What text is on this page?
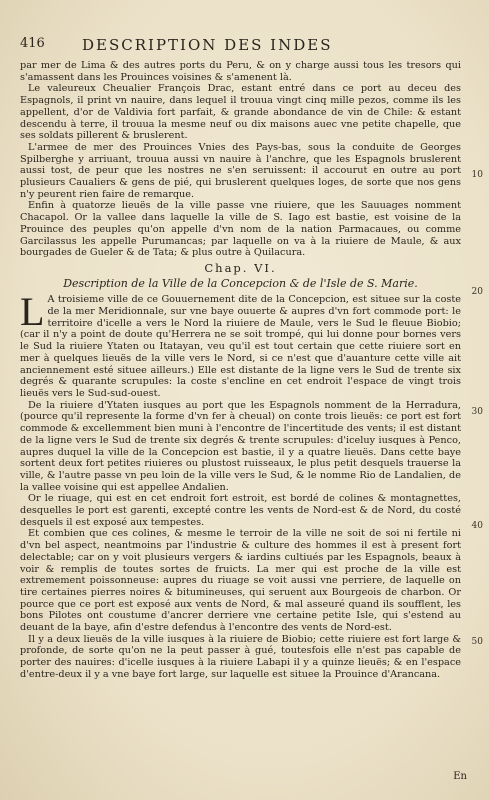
416 DESCRIPTION DES INDES

par mer de Lima & des autres ports du Peru, & on y charge aussi tous les tresors qui s'amassent dans les Prouinces voisines & s'amenent là.

Le valeureux Cheualier François Drac, estant entré dans ce port au deceu des Espagnols, il print vn nauire, dans lequel il trouua vingt cinq mille pezos, comme ils les appellent, d'or de Valdivia fort parfait, & grande abondance de vin de Chile: & estant descendu à terre, il trouua la mesme neuf ou dix maisons auec vne petite chapelle, que ses soldats pillerent & bruslerent.

L'armee de mer des Prouinces Vnies des Pays-bas, sous la conduite de Georges Spilberghe y arriuant, trouua aussi vn nauire à l'anchre, que les Espagnols bruslerent aussi tost, de peur que les nostres ne s'en seruissent: il accourut en outre au port plusieurs Caualiers & gens de pié, qui bruslerent quelques loges, de sorte que nos gens n'y peurent rien faire de remarque.

Enfin à quatorze lieuës de la ville passe vne riuiere, que les Sauuages nomment Chacapol. Or la vallee dans laquelle la ville de S. Iago est bastie, est voisine de la Prouince des peuples qu'on appelle d'vn nom de la nation Parmacaues, ou comme Garcilassus les appelle Purumancas; par laquelle on va à la riuiere de Maule, & aux bourgades de Gueler & de Tata; & plus outre à Quilacura.

Chap. VI.
Description de la Ville de la Concepcion & de l'Isle de S. Marie.

L A troisieme ville de ce Gouuernement dite de la Concepcion, est situee sur la coste de la mer Meridionnale, sur vne baye ouuerte & aupres d'vn fort commode port: le territoire d'icelle a vers le Nord la riuiere de Maule, vers le Sud le fleuue Biobio; (car il n'y a point de doute qu'Herrera ne se soit trompé, qui lui donne pour bornes vers le Sud la riuiere Ytaten ou Itatayan, veu qu'il est tout certain que cette riuiere sort en mer à quelques lieuës de la ville vers le Nord, si ce n'est que d'auanture cette ville ait anciennement esté situee ailleurs.) Elle est distante de la ligne vers le Sud de trente six degrés & quarante scrupules: la coste s'encline en cet endroit l'espace de vingt trois lieuës vers le Sud-sud-ouest.

De la riuiere d'Ytaten iusques au port que les Espagnols nomment de la Herradura, (pource qu'il represente la forme d'vn fer à cheual) on conte trois lieuës: ce port est fort commode & excellemment bien muni à l'encontre de l'incertitude des vents; il est distant de la ligne vers le Sud de trente six degrés & trente scrupules: d'iceluy iusques à Penco, aupres duquel la ville de la Concepcion est bastie, il y a quatre lieuës. Dans cette baye sortent deux fort petites riuieres ou plustost ruisseaux, le plus petit desquels trauerse la ville, & l'autre passe vn peu loin de la ville vers le Sud, & le nomme Rio de Landalien, de la vallee voisine qui est appellee Andalien.

Or le riuage, qui est en cet endroit fort estroit, est bordé de colines & montagnettes, desquelles le port est garenti, excepté contre les vents de Nord-est & de Nord, du costé desquels il est exposé aux tempestes.

Et combien que ces colines, & mesme le terroir de la ville ne soit de soi ni fertile ni d'vn bel aspect, neantmoins par l'industrie & culture des hommes il est à present fort delectable; car on y voit plusieurs vergers & iardins cultiués par les Espagnols, beaux à voir & remplis de toutes sortes de fruicts. La mer qui est proche de la ville est extremement poissonneuse: aupres du riuage se voit aussi vne perriere, de laquelle on tire certaines pierres noires & bitumineuses, qui seruent aux Bourgeois de charbon. Or pource que ce port est exposé aux vents de Nord, & mal asseuré quand ils soufflent, les bons Pilotes ont coustume d'ancrer derriere vne certaine petite Isle, qui s'estend au deuant de la baye, afin d'estre defendus à l'encontre des vents de Nord-est.

Il y a deux lieuës de la ville iusques à la riuiere de Biobio; cette riuiere est fort large & profonde, de sorte qu'on ne la peut passer à gué, toutesfois elle n'est pas capable de porter des nauires: d'icelle iusques à la riuiere Labapi il y a quinze lieuës; & en l'espace d'entre-deux il y a vne baye fort large, sur laquelle est situee la Prouince d'Arancana.

10
20
30
40
50
En
